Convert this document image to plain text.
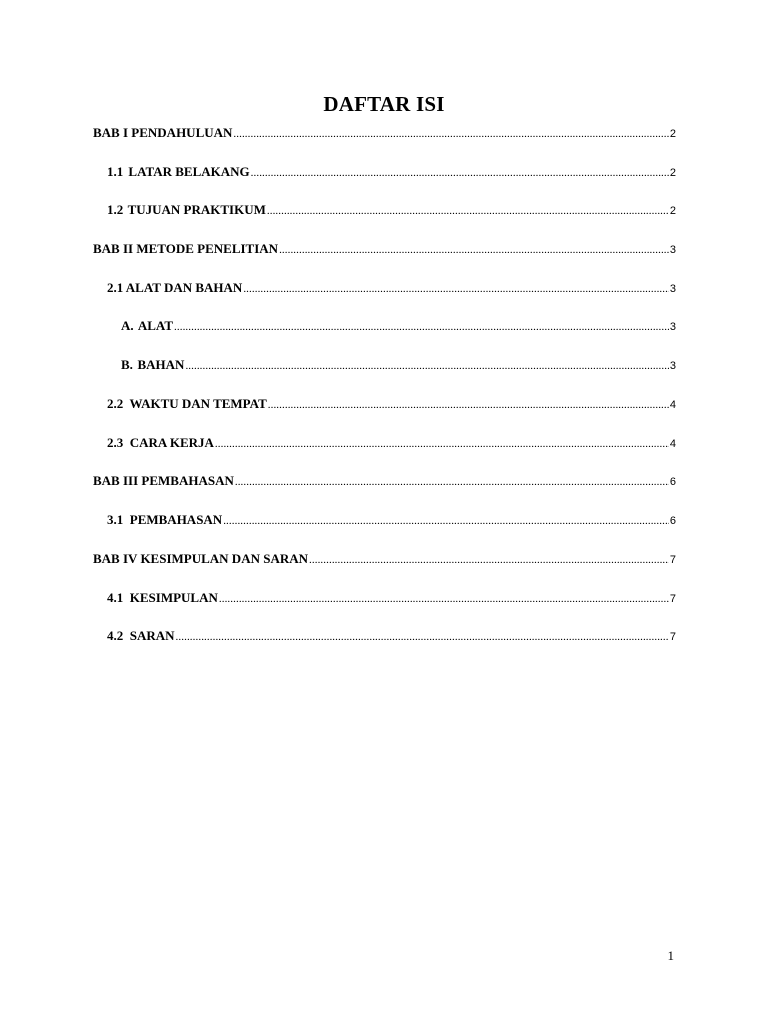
DAFTAR ISI
BAB I PENDAHULUAN .....	2
1.1 LATAR BELAKANG .....	2
1.2 TUJUAN PRAKTIKUM .....	2
BAB II METODE PENELITIAN .....	3
2.1 ALAT DAN BAHAN .....	3
A. ALAT .....	3
B. BAHAN .....	3
2.2  WAKTU DAN TEMPAT .....	4
2.3  CARA KERJA .....	4
BAB III PEMBAHASAN .....	6
3.1  PEMBAHASAN .....	6
BAB IV KESIMPULAN DAN SARAN .....	7
4.1  KESIMPULAN .....	7
4.2  SARAN .....	7
1
